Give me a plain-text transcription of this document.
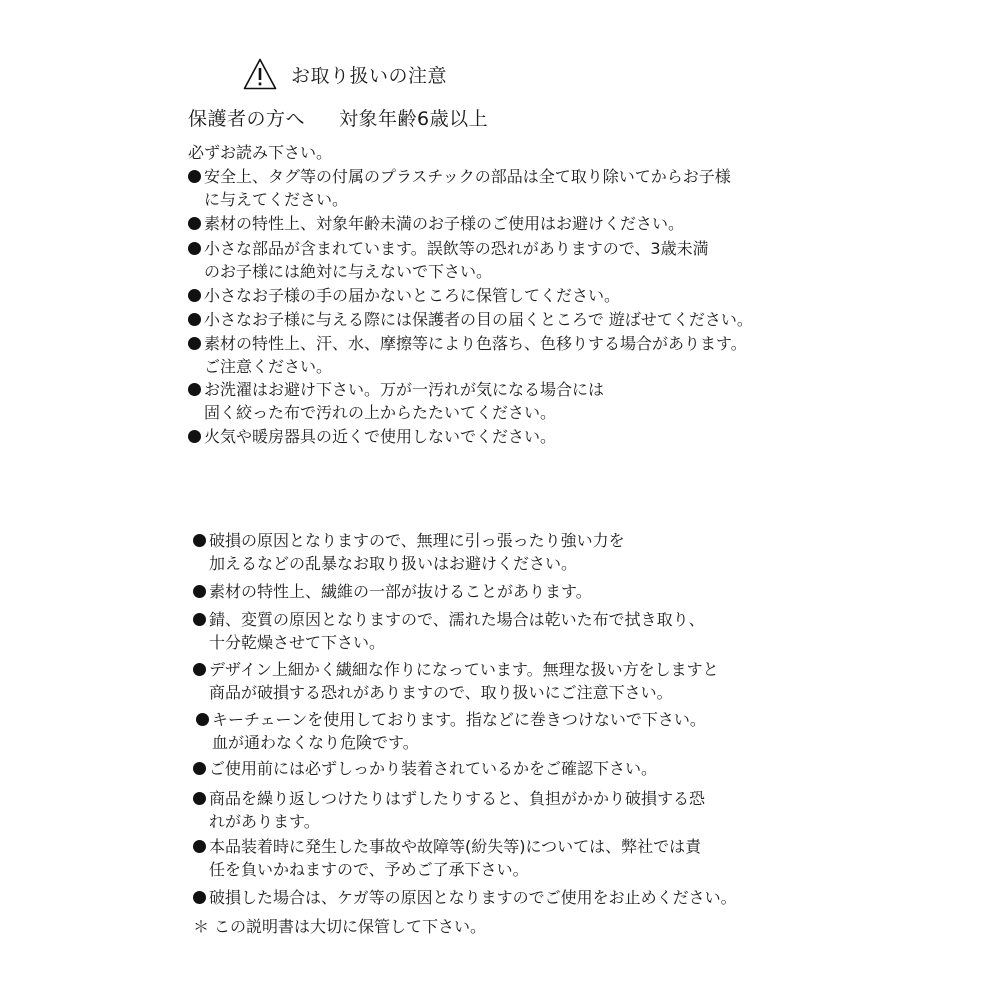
お取り扱いの注意
保護者の方へ 対象年齢6歳以上
必ずお読み下さい。
安全上、タグ等の付属のプラスチックの部品は全て取り除いてからお子様
に与えてください。
素材の特性上、対象年齢未満のお子様のご使用はお避けください。
小さな部品が含まれています。誤飲等の恐れがありますので、3歳未満
のお子様には絶対に与えないで下さい。
小さなお子様の手の届かないところに保管してください。
小さなお子様に与える際には保護者の目の届くところで 遊ばせてください。
素材の特性上、汗、水、摩擦等により色落ち、色移りする場合があります。
ご注意ください。
お洗濯はお避け下さい。万が一汚れが気になる場合には
固く絞った布で汚れの上からたたいてください。
火気や暖房器具の近くで使用しないでください。
破損の原因となりますので、無理に引っ張ったり強い力を
加えるなどの乱暴なお取り扱いはお避けください。
素材の特性上、繊維の一部が抜けることがあります。
錆、変質の原因となりますので、濡れた場合は乾いた布で拭き取り、
十分乾燥させて下さい。
デザイン上細かく繊細な作りになっています。無理な扱い方をしますと
商品が破損する恐れがありますので、取り扱いにご注意下さい。
キーチェーンを使用しております。指などに巻きつけないで下さい。
血が通わなくなり危険です。
ご使用前には必ずしっかり装着されているかをご確認下さい。
商品を繰り返しつけたりはずしたりすると、負担がかかり破損する恐
れがあります。
本品装着時に発生した事故や故障等(紛失等)については、弊社では責
任を負いかねますので、予めご了承下さい。
破損した場合は、ケガ等の原因となりますのでご使用をお止めください。
＊ この説明書は大切に保管して下さい。
